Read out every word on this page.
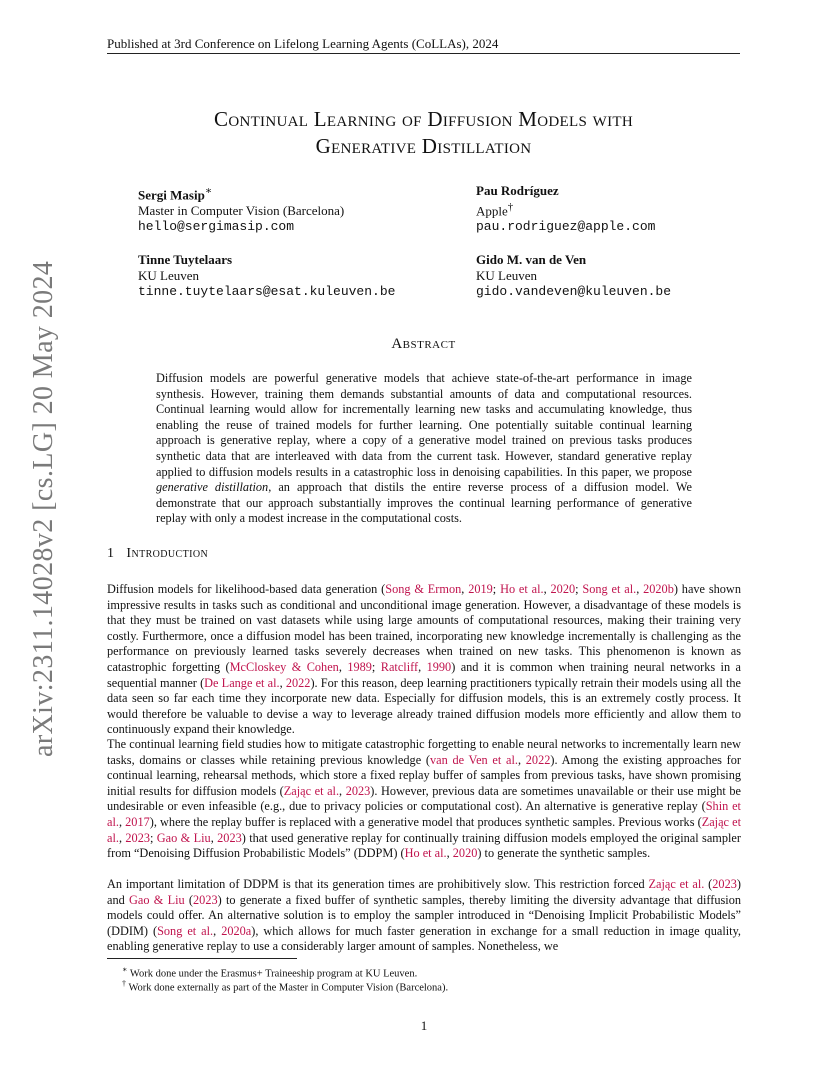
Published at 3rd Conference on Lifelong Learning Agents (CoLLAs), 2024
arXiv:2311.14028v2 [cs.LG] 20 May 2024
Continual Learning of Diffusion Models with
Generative Distillation
Sergi Masip∗
Master in Computer Vision (Barcelona)
hello@sergimasip.com
Pau Rodríguez
Apple†
pau.rodriguez@apple.com
Tinne Tuytelaars
KU Leuven
tinne.tuytelaars@esat.kuleuven.be
Gido M. van de Ven
KU Leuven
gido.vandeven@kuleuven.be
Abstract
Diffusion models are powerful generative models that achieve state-of-the-art performance in image synthesis. However, training them demands substantial amounts of data and computational resources. Continual learning would allow for incrementally learning new tasks and accumulating knowledge, thus enabling the reuse of trained models for further learning. One potentially suitable continual learning approach is generative replay, where a copy of a generative model trained on previous tasks produces synthetic data that are interleaved with data from the current task. However, standard generative replay applied to diffusion models results in a catastrophic loss in denoising capabilities. In this paper, we propose generative distillation, an approach that distils the entire reverse process of a diffusion model. We demonstrate that our approach substantially improves the continual learning performance of generative replay with only a modest increase in the computational costs.
1 Introduction
Diffusion models for likelihood-based data generation (Song & Ermon, 2019; Ho et al., 2020; Song et al., 2020b) have shown impressive results in tasks such as conditional and unconditional image generation. However, a disadvantage of these models is that they must be trained on vast datasets while using large amounts of computational resources, making their training very costly. Furthermore, once a diffusion model has been trained, incorporating new knowledge incrementally is challenging as the performance on previously learned tasks severely decreases when trained on new tasks. This phenomenon is known as catastrophic forgetting (McCloskey & Cohen, 1989; Ratcliff, 1990) and it is common when training neural networks in a sequential manner (De Lange et al., 2022). For this reason, deep learning practitioners typically retrain their models using all the data seen so far each time they incorporate new data. Especially for diffusion models, this is an extremely costly process. It would therefore be valuable to devise a way to leverage already trained diffusion models more efficiently and allow them to continuously expand their knowledge.
The continual learning field studies how to mitigate catastrophic forgetting to enable neural networks to incrementally learn new tasks, domains or classes while retaining previous knowledge (van de Ven et al., 2022). Among the existing approaches for continual learning, rehearsal methods, which store a fixed replay buffer of samples from previous tasks, have shown promising initial results for diffusion models (Zając et al., 2023). However, previous data are sometimes unavailable or their use might be undesirable or even infeasible (e.g., due to privacy policies or computational cost). An alternative is generative replay (Shin et al., 2017), where the replay buffer is replaced with a generative model that produces synthetic samples. Previous works (Zając et al., 2023; Gao & Liu, 2023) that used generative replay for continually training diffusion models employed the original sampler from “Denoising Diffusion Probabilistic Models” (DDPM) (Ho et al., 2020) to generate the synthetic samples.
An important limitation of DDPM is that its generation times are prohibitively slow. This restriction forced Zając et al. (2023) and Gao & Liu (2023) to generate a fixed buffer of synthetic samples, thereby limiting the diversity advantage that diffusion models could offer. An alternative solution is to employ the sampler introduced in “Denoising Implicit Probabilistic Models” (DDIM) (Song et al., 2020a), which allows for much faster generation in exchange for a small reduction in image quality, enabling generative replay to use a considerably larger amount of samples. Nonetheless, we
∗ Work done under the Erasmus+ Traineeship program at KU Leuven.
† Work done externally as part of the Master in Computer Vision (Barcelona).
1
